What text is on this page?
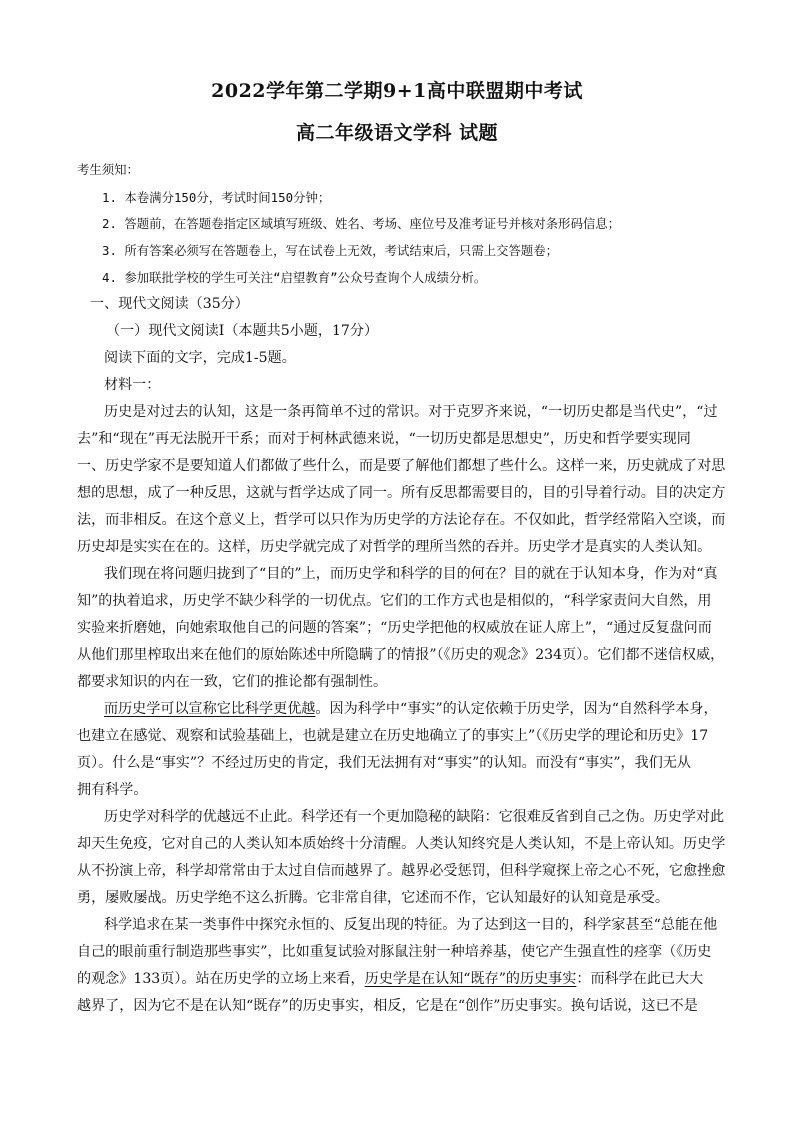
2022学年第二学期9+1高中联盟期中考试
高二年级语文学科 试题
考生须知：
1. 本卷满分150分，考试时间150分钟；
2. 答题前，在答题卷指定区域填写班级、姓名、考场、座位号及准考证号并核对条形码信息；
3. 所有答案必须写在答题卷上，写在试卷上无效，考试结束后，只需上交答题卷；
4. 参加联批学校的学生可关注“启望教育”公众号查询个人成绩分析。
一、现代文阅读（35分）
（一）现代文阅读Ⅰ（本题共5小题，17分）
阅读下面的文字，完成1-5题。
材料一：
历史是对过去的认知，这是一条再简单不过的常识。对于克罗齐来说，“一切历史都是当代史”，“过
去”和“现在”再无法脱开干系；而对于柯林武德来说，“一切历史都是思想史”，历史和哲学要实现同
一、历史学家不是要知道人们都做了些什么，而是要了解他们都想了些什么。这样一来，历史就成了对思
想的思想，成了一种反思，这就与哲学达成了同一。所有反思都需要目的，目的引导着行动。目的决定方
法，而非相反。在这个意义上，哲学可以只作为历史学的方法论存在。不仅如此，哲学经常陷入空谈，而
历史却是实实在在的。这样，历史学就完成了对哲学的理所当然的吞并。历史学才是真实的人类认知。
我们现在将问题归拢到了“目的”上，而历史学和科学的目的何在？目的就在于认知本身，作为对“真
知”的执着追求，历史学不缺少科学的一切优点。它们的工作方式也是相似的，“科学家责问大自然，用
实验来折磨她，向她索取他自己的问题的答案”；“历史学把他的权威放在证人席上”，“通过反复盘问而
从他们那里榨取出来在他们的原始陈述中所隐瞒了的情报”（《历史的观念》234页）。它们都不迷信权威，
都要求知识的内在一致，它们的推论都有强制性。
而历史学可以宣称它比科学更优越。因为科学中“事实”的认定依赖于历史学，因为“自然科学本身，
也建立在感觉、观察和试验基础上，也就是建立在历史地确立了的事实上”（《历史学的理论和历史》17
页）。什么是“事实”？不经过历史的肯定，我们无法拥有对“事实”的认知。而没有“事实”，我们无从
拥有科学。
历史学对科学的优越远不止此。科学还有一个更加隐秘的缺陷：它很难反省到自己之伪。历史学对此
却天生免疫，它对自己的人类认知本质始终十分清醒。人类认知终究是人类认知，不是上帝认知。历史学
从不扮演上帝，科学却常常由于太过自信而越界了。越界必受惩罚，但科学窥探上帝之心不死，它愈挫愈
勇，屡败屡战。历史学绝不这么折腾。它非常自律，它述而不作，它认知最好的认知竟是承受。
科学追求在某一类事件中探究永恒的、反复出现的特征。为了达到这一目的，科学家甚至“总能在他
自己的眼前重行制造那些事实”，比如重复试验对豚鼠注射一种培养基，使它产生强直性的痉挛（《历史
的观念》133页）。站在历史学的立场上来看，历史学是在认知“既存”的历史事实：而科学在此已大大
越界了，因为它不是在认知“既存”的历史事实，相反，它是在“创作”历史事实。换句话说，这已不是
